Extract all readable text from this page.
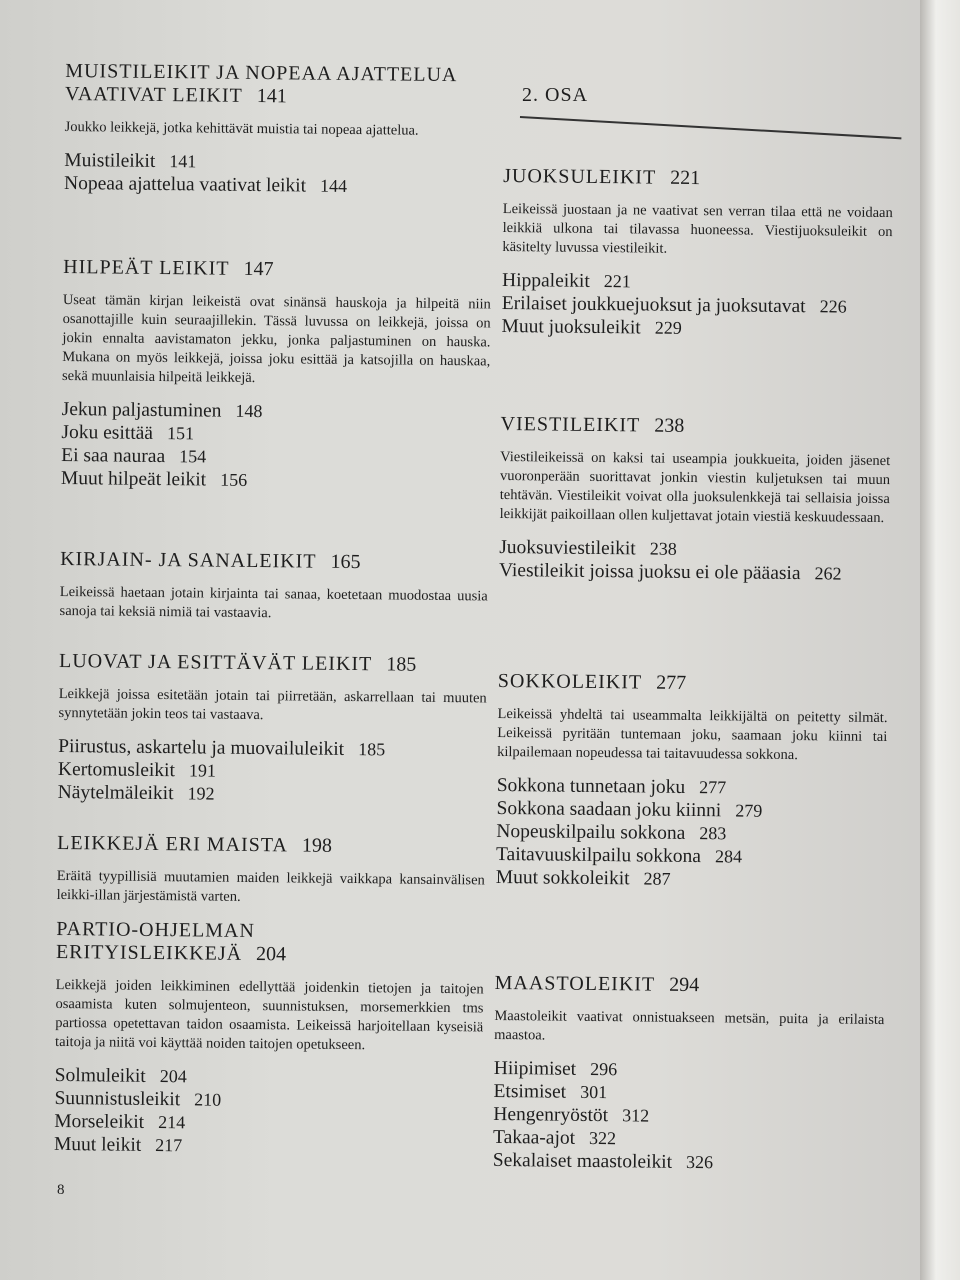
MUISTILEIKIT JA NOPEAA AJATTELUA VAATIVAT LEIKIT 141
Joukko leikkejä, jotka kehittävät muistia tai nopeaa ajattelua.
Muistileikit 141
Nopeaa ajattelua vaativat leikit 144
HILPEÄT LEIKIT 147
Useat tämän kirjan leikeistä ovat sinänsä hauskoja ja hilpeitä niin osanottajille kuin seuraajillekin. Tässä luvussa on leikkejä, joissa on jokin ennalta aavistamaton jekku, jonka paljastuminen on hauska. Mukana on myös leikkejä, joissa joku esittää ja katsojilla on hauskaa, sekä muunlaisia hilpeitä leikkejä.
Jekun paljastuminen 148
Joku esittää 151
Ei saa nauraa 154
Muut hilpeät leikit 156
KIRJAIN- JA SANALEIKIT 165
Leikeissä haetaan jotain kirjainta tai sanaa, koetetaan muodostaa uusia sanoja tai keksiä nimiä tai vastaavia.
LUOVAT JA ESITTÄVÄT LEIKIT 185
Leikkejä joissa esitetään jotain tai piirretään, askarrellaan tai muuten synnytetään jokin teos tai vastaava.
Piirustus, askartelu ja muovailuleikit 185
Kertomusleikit 191
Näytelmäleikit 192
LEIKKEJÄ ERI MAISTA 198
Eräitä tyypillisiä muutamien maiden leikkejä vaikkapa kansainvälisen leikki-illan järjestämistä varten.
PARTIO-OHJELMAN ERITYISLEIKKEJÄ 204
Leikkejä joiden leikkiminen edellyttää joidenkin tietojen ja taitojen osaamista kuten solmujenteon, suunnistuksen, morsemerkkien tms partiossa opetettavan taidon osaamista. Leikeissä harjoitellaan kyseisiä taitoja ja niitä voi käyttää noiden taitojen opetukseen.
Solmuleikit 204
Suunnistusleikit 210
Morseleikit 214
Muut leikit 217
JUOKSULEIKIT 221
Leikeissä juostaan ja ne vaativat sen verran tilaa että ne voidaan leikkiä ulkona tai tilavassa huoneessa. Viestijuoksuleikit on käsitelty luvussa viestileikit.
Hippaleikit 221
Erilaiset joukkuejuoksut ja juoksutavat 226
Muut juoksuleikit 229
VIESTILEIKIT 238
Viestileikeissä on kaksi tai useampia joukkueita, joiden jäsenet vuoronperään suorittavat jonkin viestin kuljetuksen tai muun tehtävän. Viestileikit voivat olla juoksulenkkejä tai sellaisia joissa leikkijät paikoillaan ollen kuljettavat jotain viestiä keskuudessaan.
Juoksuviestileikit 238
Viestileikit joissa juoksu ei ole pääasia 262
SOKKOLEIKIT 277
Leikeissä yhdeltä tai useammalta leikkijältä on peitetty silmät. Leikeissä pyritään tuntemaan joku, saamaan joku kiinni tai kilpailemaan nopeudessa tai taitavuudessa sokkona.
Sokkona tunnetaan joku 277
Sokkona saadaan joku kiinni 279
Nopeuskilpailu sokkona 283
Taitavuuskilpailu sokkona 284
Muut sokkoleikit 287
MAASTOLEIKIT 294
Maastoleikit vaativat onnistuakseen metsän, puita ja erilaista maastoa.
Hiipimiset 296
Etsimiset 301
Hengenryöstöt 312
Takaa-ajot 322
Sekalaiset maastoleikit 326
2. OSA
8
